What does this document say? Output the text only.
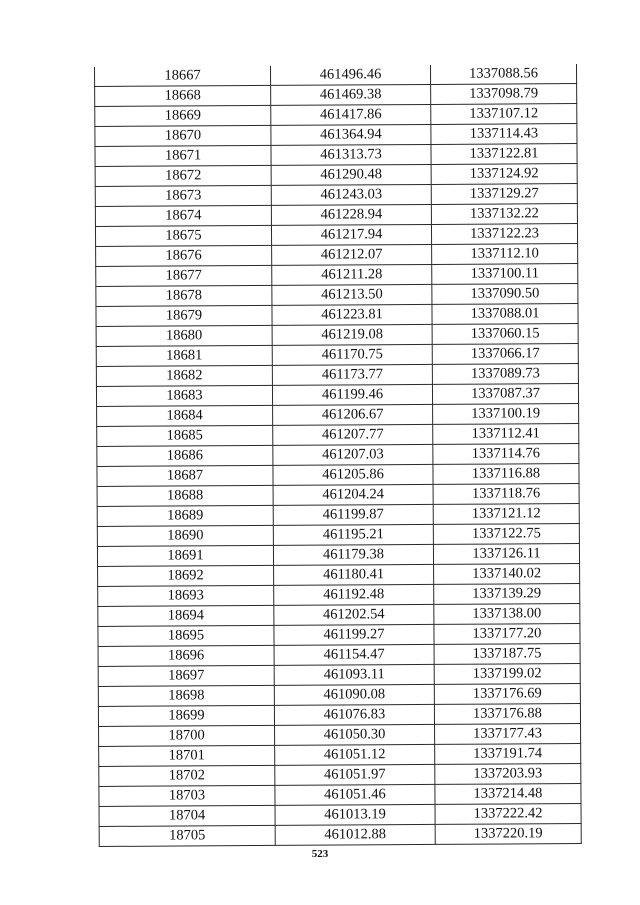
18667	461496.46	1337088.56
18668	461469.38	1337098.79
18669	461417.86	1337107.12
18670	461364.94	1337114.43
18671	461313.73	1337122.81
18672	461290.48	1337124.92
18673	461243.03	1337129.27
18674	461228.94	1337132.22
18675	461217.94	1337122.23
18676	461212.07	1337112.10
18677	461211.28	1337100.11
18678	461213.50	1337090.50
18679	461223.81	1337088.01
18680	461219.08	1337060.15
18681	461170.75	1337066.17
18682	461173.77	1337089.73
18683	461199.46	1337087.37
18684	461206.67	1337100.19
18685	461207.77	1337112.41
18686	461207.03	1337114.76
18687	461205.86	1337116.88
18688	461204.24	1337118.76
18689	461199.87	1337121.12
18690	461195.21	1337122.75
18691	461179.38	1337126.11
18692	461180.41	1337140.02
18693	461192.48	1337139.29
18694	461202.54	1337138.00
18695	461199.27	1337177.20
18696	461154.47	1337187.75
18697	461093.11	1337199.02
18698	461090.08	1337176.69
18699	461076.83	1337176.88
18700	461050.30	1337177.43
18701	461051.12	1337191.74
18702	461051.97	1337203.93
18703	461051.46	1337214.48
18704	461013.19	1337222.42
18705	461012.88	1337220.19
523
